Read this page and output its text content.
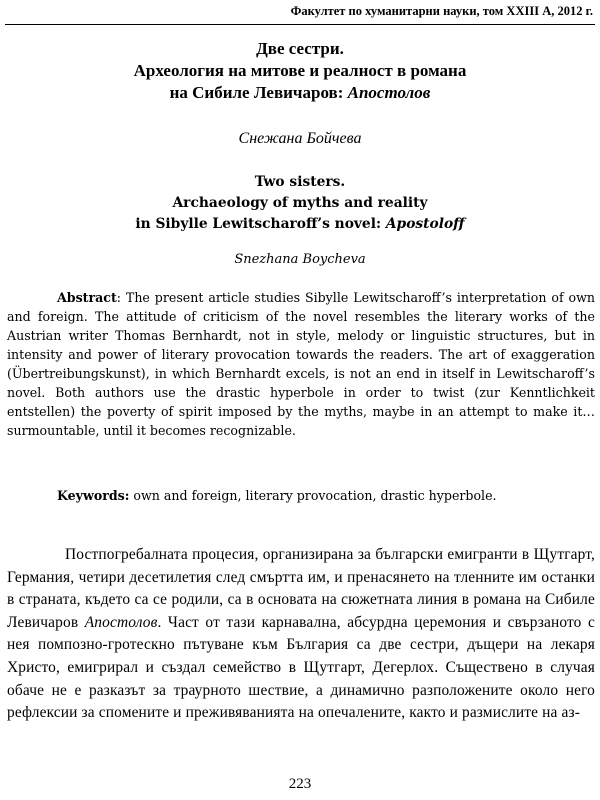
Факултет по хуманитарни науки, том XXIII А, 2012 г.
Две сестри.
Археология на митове и реалност в романа
на Сибиле Левичаров: Апостолов
Снежана Бойчева
Two sisters.
Archaeology of myths and reality
in Sibylle Lewitscharoff’s novel: Apostoloff
Snezhana Boycheva

Abstract: The present article studies Sibylle Lewitscharoff’s interpretation of own and foreign. The attitude of criticism of the novel resembles the literary works of the Austrian writer Thomas Bernhardt, not in style, melody or linguistic structures, but in intensity and power of literary provocation towards the readers. The art of exaggeration (Übertreibungskunst), in which Bernhardt excels, is not an end in itself in Lewitscharoff’s novel. Both authors use the drastic hyperbole in order to twist (zur Kenntlichkeit entstellen) the poverty of spirit imposed by the myths, maybe in an attempt to make it…surmountable, until it becomes recognizable.

Keywords: own and foreign, literary provocation, drastic hyperbole.

Постпогребалната процесия, организирана за български емигранти в Щутгарт, Германия, четири десетилетия след смъртта им, и пренасянето на тленните им останки в страната, където са се родили, са в основата на сюжетната линия в романа на Сибиле Левичаров Апостолов. Част от тази карнавална, абсурдна церемония и свързаното с нея помпозно-гротескно пътуване към България са две сестри, дъщери на лекаря Христо, емигрирал и създал семейство в Щутгарт, Дегерлох. Съществено в случая обаче не е разказът за траурното шествие, а динамично разположените около него рефлексии за спомените и преживяванията на опечалените, както и размислите на аз-

223
